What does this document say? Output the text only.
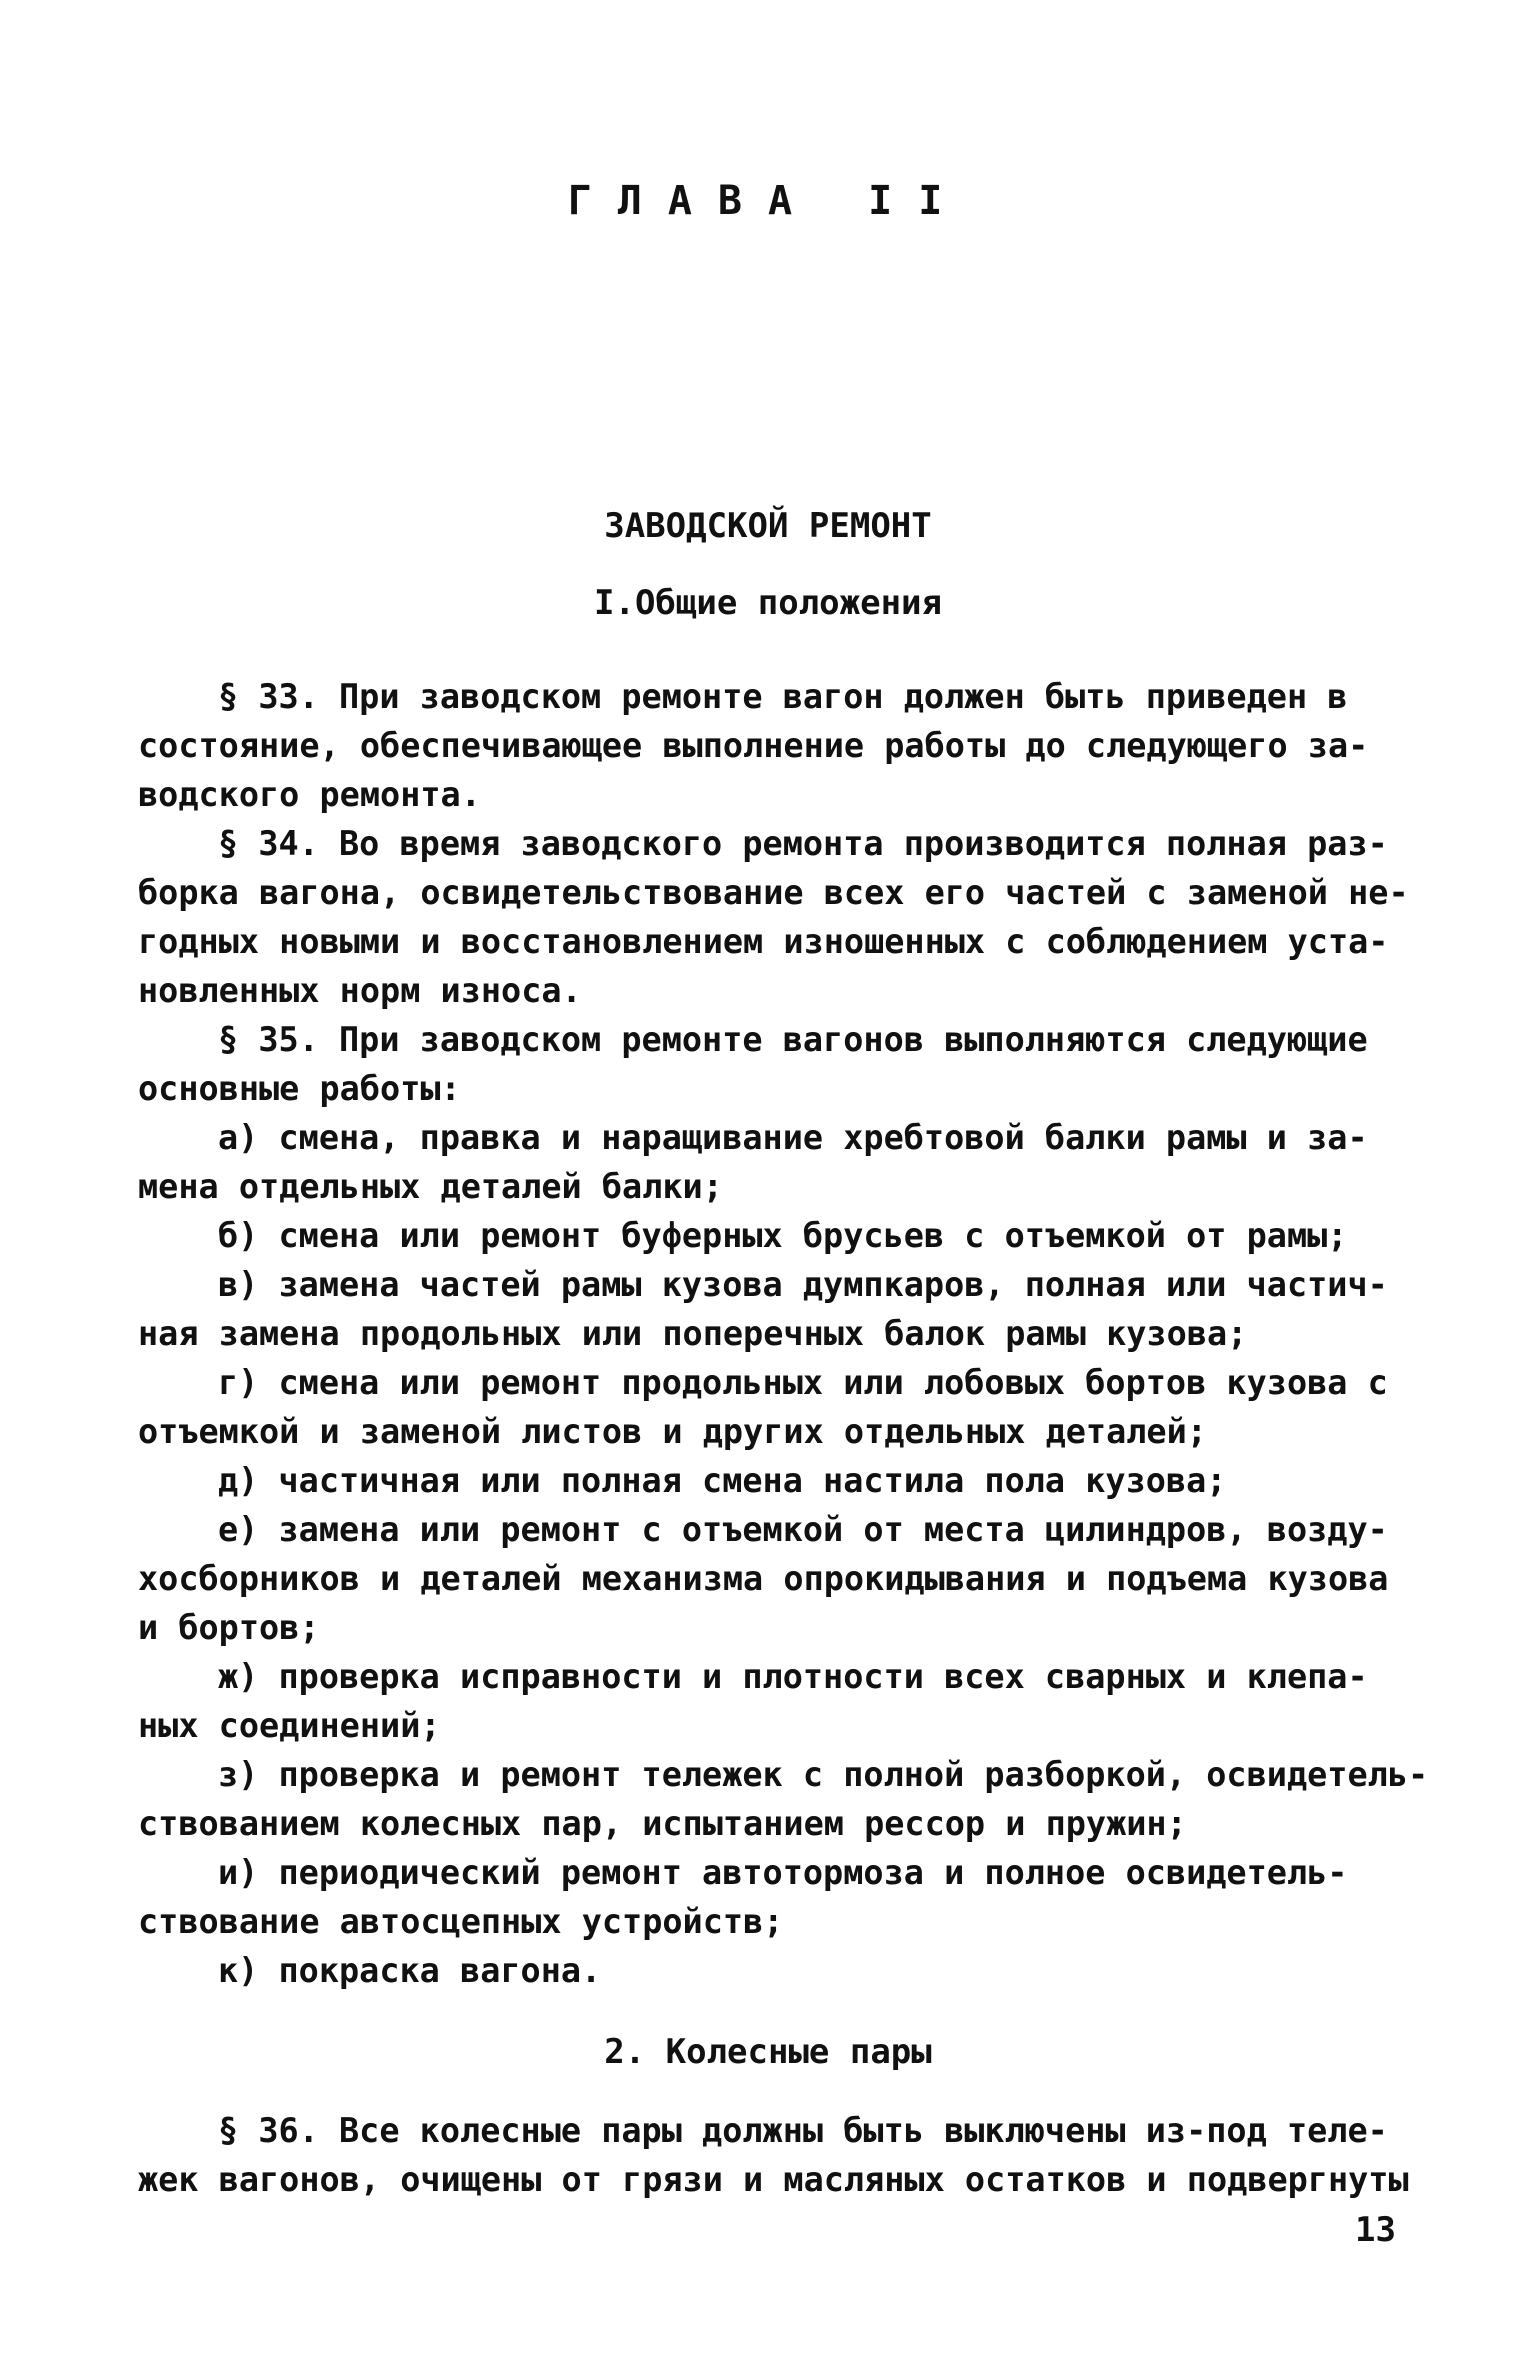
ГЛАВА II
ЗАВОДСКОЙ РЕМОНТ
I.Общие положения
§ 33. При заводском ремонте вагон должен быть приведен в
состояние, обеспечивающее выполнение работы до следующего за-
водского ремонта.
§ 34. Во время заводского ремонта производится полная раз-
борка вагона, освидетельствование всех его частей с заменой не-
годных новыми и восстановлением изношенных с соблюдением уста-
новленных норм износа.
§ 35. При заводском ремонте вагонов выполняются следующие
основные работы:
а) смена, правка и наращивание хребтовой балки рамы и за-
мена отдельных деталей балки;
б) смена или ремонт буферных брусьев с отъемкой от рамы;
в) замена частей рамы кузова думпкаров, полная или частич-
ная замена продольных или поперечных балок рамы кузова;
г) смена или ремонт продольных или лобовых бортов кузова с
отъемкой и заменой листов и других отдельных деталей;
д) частичная или полная смена настила пола кузова;
е) замена или ремонт с отъемкой от места цилиндров, возду-
хосборников и деталей механизма опрокидывания и подъема кузова
и бортов;
ж) проверка исправности и плотности всех сварных и клепа-
ных соединений;
з) проверка и ремонт тележек с полной разборкой, освидетель-
ствованием колесных пар, испытанием рессор и пружин;
и) периодический ремонт автотормоза и полное освидетель-
ствование автосцепных устройств;
к) покраска вагона.
2. Колесные пары
§ 36. Все колесные пары должны быть выключены из-под теле-
жек вагонов, очищены от грязи и масляных остатков и подвергнуты
13
